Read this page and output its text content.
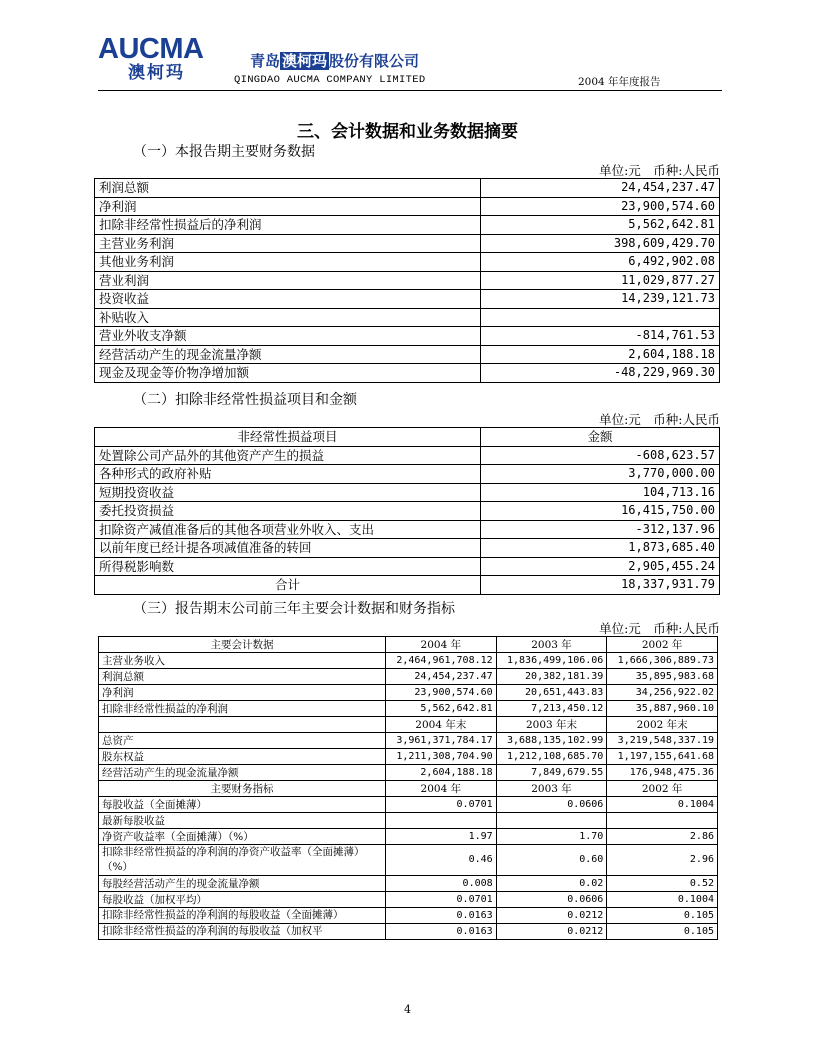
AUCMA
澳柯玛
青岛 澳柯玛 股份有限公司
QINGDAO AUCMA COMPANY LIMITED	2004 年年度报告
三、会计数据和业务数据摘要
（一）本报告期主要财务数据
单位:元　币种:人民币
利润总额	24,454,237.47
净利润	23,900,574.60
扣除非经常性损益后的净利润	5,562,642.81
主营业务利润	398,609,429.70
其他业务利润	6,492,902.08
营业利润	11,029,877.27
投资收益	14,239,121.73
补贴收入	
营业外收支净额	-814,761.53
经营活动产生的现金流量净额	2,604,188.18
现金及现金等价物净增加额	-48,229,969.30
（二）扣除非经常性损益项目和金额
单位:元　币种:人民币
非经常性损益项目	金额
处置除公司产品外的其他资产产生的损益	-608,623.57
各种形式的政府补贴	3,770,000.00
短期投资收益	104,713.16
委托投资损益	16,415,750.00
扣除资产减值准备后的其他各项营业外收入、支出	-312,137.96
以前年度已经计提各项减值准备的转回	1,873,685.40
所得税影响数	2,905,455.24
合计	18,337,931.79
（三）报告期末公司前三年主要会计数据和财务指标
单位:元　币种:人民币
主要会计数据	2004 年	2003 年	2002 年
主营业务收入	2,464,961,708.12	1,836,499,106.06	1,666,306,889.73
利润总额	24,454,237.47	20,382,181.39	35,895,983.68
净利润	23,900,574.60	20,651,443.83	34,256,922.02
扣除非经常性损益的净利润	5,562,642.81	7,213,450.12	35,887,960.10
	2004 年末	2003 年末	2002 年末
总资产	3,961,371,784.17	3,688,135,102.99	3,219,548,337.19
股东权益	1,211,308,704.90	1,212,108,685.70	1,197,155,641.68
经营活动产生的现金流量净额	2,604,188.18	7,849,679.55	176,948,475.36
主要财务指标	2004 年	2003 年	2002 年
每股收益（全面摊薄）	0.0701	0.0606	0.1004
最新每股收益			
净资产收益率（全面摊薄）（%）	1.97	1.70	2.86
扣除非经常性损益的净利润的净资产收益率（全面摊薄）（%）	0.46	0.60	2.96
每股经营活动产生的现金流量净额	0.008	0.02	0.52
每股收益（加权平均）	0.0701	0.0606	0.1004
扣除非经常性损益的净利润的每股收益（全面摊薄）	0.0163	0.0212	0.105
扣除非经常性损益的净利润的每股收益（加权平	0.0163	0.0212	0.105
4
